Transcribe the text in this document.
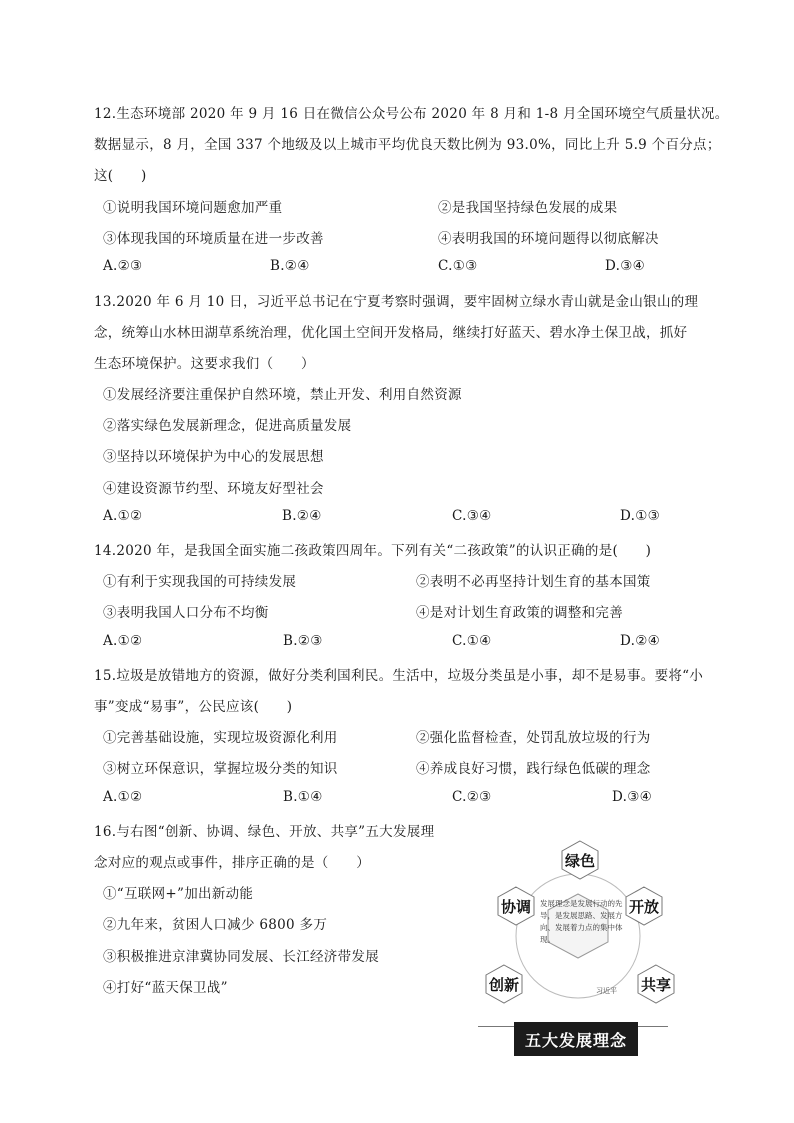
12.生态环境部 2020 年 9 月 16 日在微信公众号公布 2020 年 8 月和 1-8 月全国环境空气质量状况。
数据显示，8 月，全国 337 个地级及以上城市平均优良天数比例为 93.0%，同比上升 5.9 个百分点；
这(　　)
①说明我国环境问题愈加严重	②是我国坚持绿色发展的成果
③体现我国的环境质量在进一步改善	④表明我国的环境问题得以彻底解决
A.②③	B.②④	C.①③	D.③④
13.2020 年 6 月 10 日，习近平总书记在宁夏考察时强调，要牢固树立绿水青山就是金山银山的理
念，统筹山水林田湖草系统治理，优化国土空间开发格局，继续打好蓝天、碧水净土保卫战，抓好
生态环境保护。这要求我们（　　）
①发展经济要注重保护自然环境，禁止开发、利用自然资源
②落实绿色发展新理念，促进高质量发展
③坚持以环境保护为中心的发展思想
④建设资源节约型、环境友好型社会
A.①②	B.②④	C.③④	D.①③
14.2020 年，是我国全面实施二孩政策四周年。下列有关“二孩政策”的认识正确的是(　　)
①有利于实现我国的可持续发展	②表明不必再坚持计划生育的基本国策
③表明我国人口分布不均衡	④是对计划生育政策的调整和完善
A.①②	B.②③	C.①④	D.②④
15.垃圾是放错地方的资源，做好分类利国利民。生活中，垃圾分类虽是小事，却不是易事。要将“小
事”变成“易事”，公民应该(　　)
①完善基础设施，实现垃圾资源化利用	②强化监督检查，处罚乱放垃圾的行为
③树立环保意识，掌握垃圾分类的知识	④养成良好习惯，践行绿色低碳的理念
A.①②	B.①④	C.②③	D.③④
16.与右图“创新、协调、绿色、开放、共享”五大发展理
念对应的观点或事件，排序正确的是（　　）
①“互联网+”加出新动能
②九年来，贫困人口减少 6800 多万
③积极推进京津冀协同发展、长江经济带发展
④打好“蓝天保卫战”
绿色
协调	开放
创新	共享
发展理念是发展行动的先导，是发展思路、发展方向、发展着力点的集中体现。
习近平
五大发展理念
